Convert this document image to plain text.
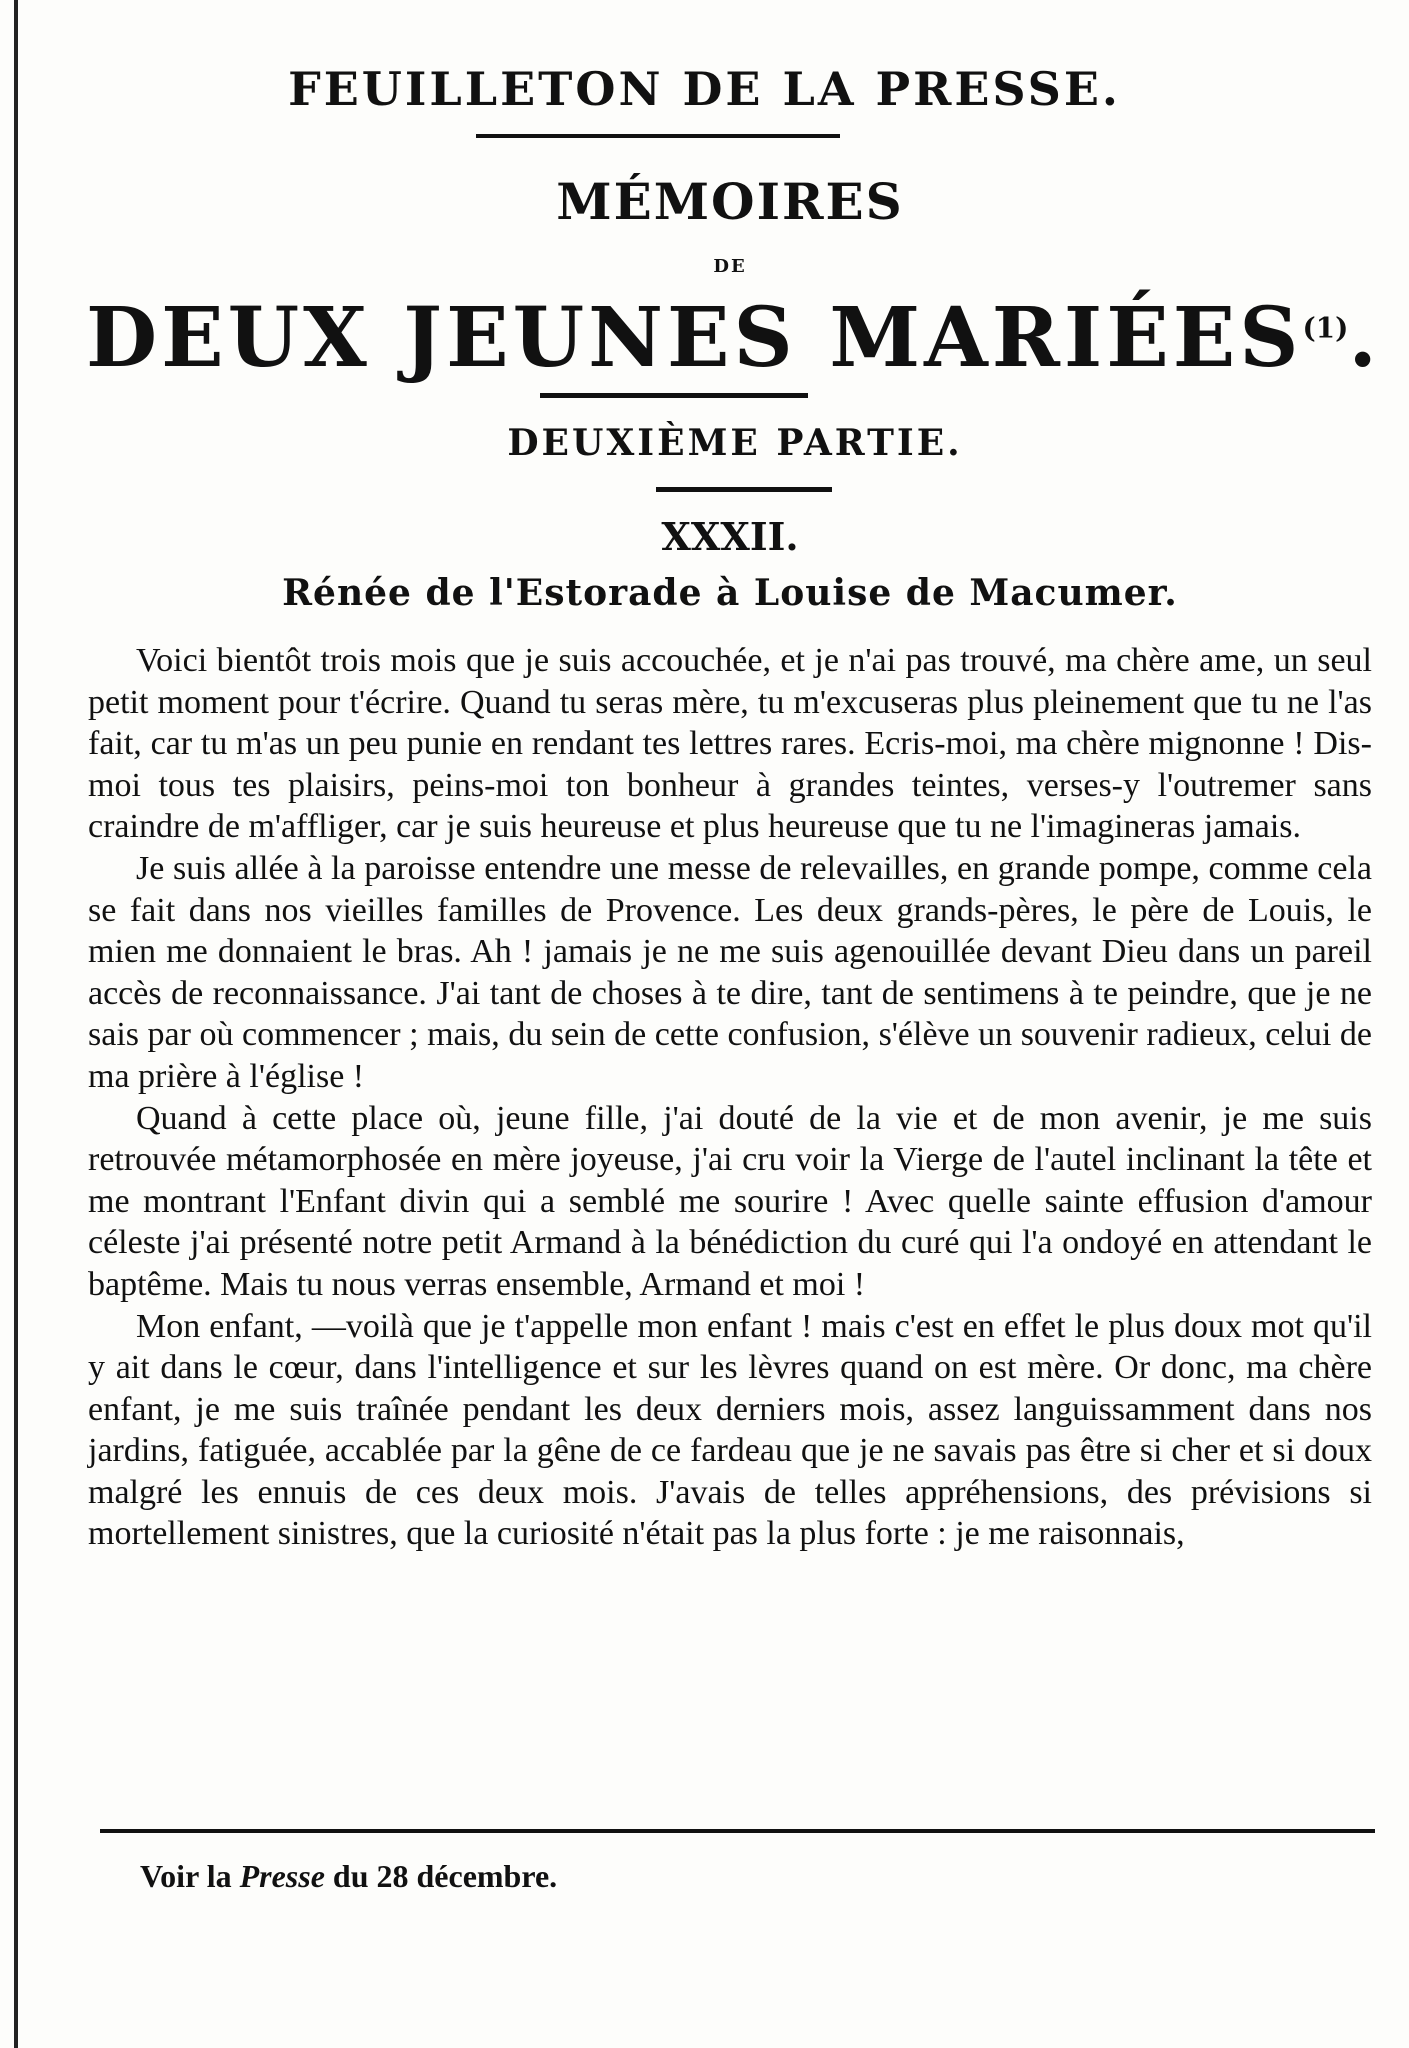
FEUILLETON DE LA PRESSE.
MÉMOIRES
DE
DEUX JEUNES MARIÉES$^{(1)}$.
DEUXIÈME PARTIE.
XXXII.
Rénée de l'Estorade à Louise de Macumer.

Voici bientôt trois mois que je suis accouchée, et je n'ai pas trouvé, ma chère ame, un seul petit moment pour t'écrire. Quand tu seras mère, tu m'excuseras plus pleinement que tu ne l'as fait, car tu m'as un peu punie en rendant tes lettres rares. Ecris-moi, ma chère mignonne ! Dis-moi tous tes plaisirs, peins-moi ton bonheur à grandes teintes, verses-y l'outremer sans craindre de m'affliger, car je suis heureuse et plus heureuse que tu ne l'imagineras jamais.

Je suis allée à la paroisse entendre une messe de relevailles, en grande pompe, comme cela se fait dans nos vieilles familles de Provence. Les deux grands-pères, le père de Louis, le mien me donnaient le bras. Ah ! jamais je ne me suis agenouillée devant Dieu dans un pareil accès de reconnaissance. J'ai tant de choses à te dire, tant de sentimens à te peindre, que je ne sais par où commencer ; mais, du sein de cette confusion, s'élève un souvenir radieux, celui de ma prière à l'église !

Quand à cette place où, jeune fille, j'ai douté de la vie et de mon avenir, je me suis retrouvée métamorphosée en mère joyeuse, j'ai cru voir la Vierge de l'autel inclinant la tête et me montrant l'Enfant divin qui a semblé me sourire ! Avec quelle sainte effusion d'amour céleste j'ai présenté notre petit Armand à la bénédiction du curé qui l'a ondoyé en attendant le baptême. Mais tu nous verras ensemble, Armand et moi !

Mon enfant, —voilà que je t'appelle mon enfant ! mais c'est en effet le plus doux mot qu'il y ait dans le cœur, dans l'intelligence et sur les lèvres quand on est mère. Or donc, ma chère enfant, je me suis traînée pendant les deux derniers mois, assez languissamment dans nos jardins, fatiguée, accablée par la gêne de ce fardeau que je ne savais pas être si cher et si doux malgré les ennuis de ces deux mois. J'avais de telles appréhensions, des prévisions si mortellement sinistres, que la curiosité n'était pas la plus forte : je me raisonnais,

Voir la Presse du 28 décembre.
